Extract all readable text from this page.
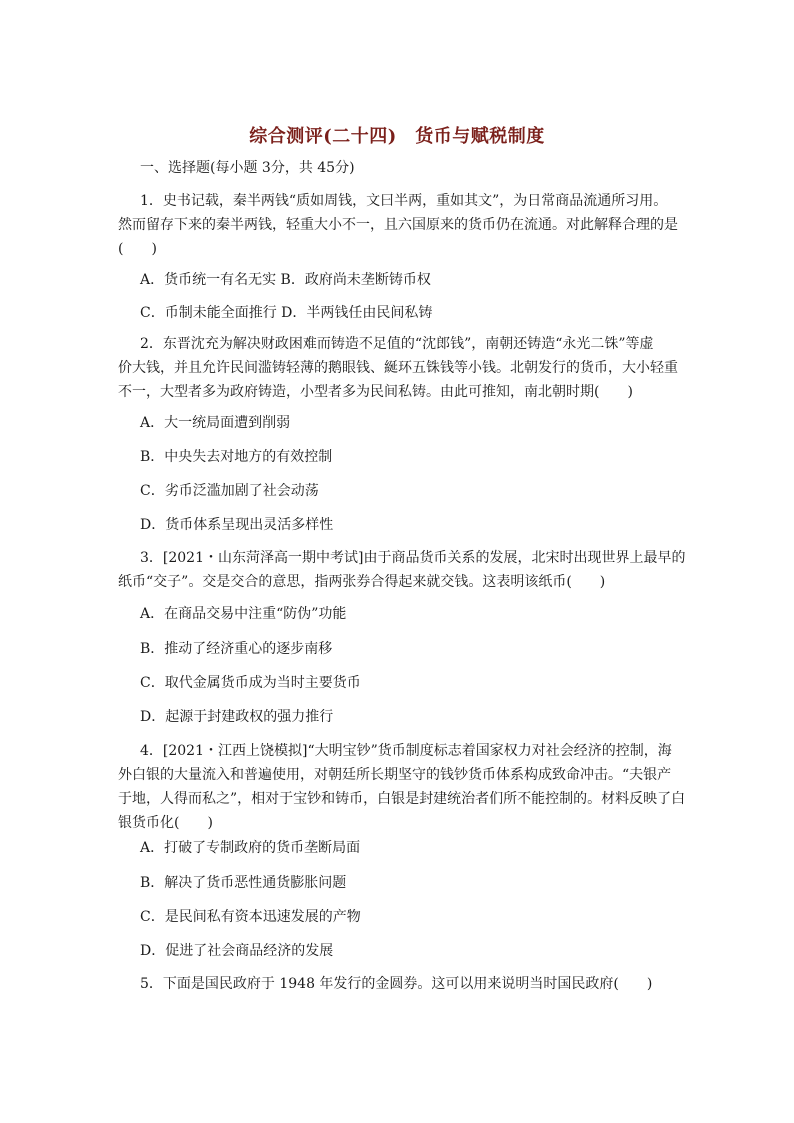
综合测评(二十四)　货币与赋税制度
一、选择题(每小题 3分，共 45分)
1．史书记载，秦半两钱“质如周钱，文曰半两，重如其文”，为日常商品流通所习用。
然而留存下来的秦半两钱，轻重大小不一，且六国原来的货币仍在流通。对此解释合理的是
(　　)
A．货币统一有名无实 B．政府尚未垄断铸币权
C．币制未能全面推行 D．半两钱任由民间私铸
2．东晋沈充为解决财政困难而铸造不足值的“沈郎钱”，南朝还铸造“永光二铢”等虚
价大钱，并且允许民间滥铸轻薄的鹅眼钱、綖环五铢钱等小钱。北朝发行的货币，大小轻重
不一，大型者多为政府铸造，小型者多为民间私铸。由此可推知，南北朝时期(　　)
A．大一统局面遭到削弱
B．中央失去对地方的有效控制
C．劣币泛滥加剧了社会动荡
D．货币体系呈现出灵活多样性
3．[2021・山东菏泽高一期中考试]由于商品货币关系的发展，北宋时出现世界上最早的
纸币“交子”。交是交合的意思，指两张券合得起来就交钱。这表明该纸币(　　)
A．在商品交易中注重“防伪”功能
B．推动了经济重心的逐步南移
C．取代金属货币成为当时主要货币
D．起源于封建政权的强力推行
4．[2021・江西上饶模拟]“大明宝钞”货币制度标志着国家权力对社会经济的控制，海
外白银的大量流入和普遍使用，对朝廷所长期坚守的钱钞货币体系构成致命冲击。“夫银产
于地，人得而私之”，相对于宝钞和铸币，白银是封建统治者们所不能控制的。材料反映了白
银货币化(　　)
A．打破了专制政府的货币垄断局面
B．解决了货币恶性通货膨胀问题
C．是民间私有资本迅速发展的产物
D．促进了社会商品经济的发展
5．下面是国民政府于 1948 年发行的金圆券。这可以用来说明当时国民政府(　　)
